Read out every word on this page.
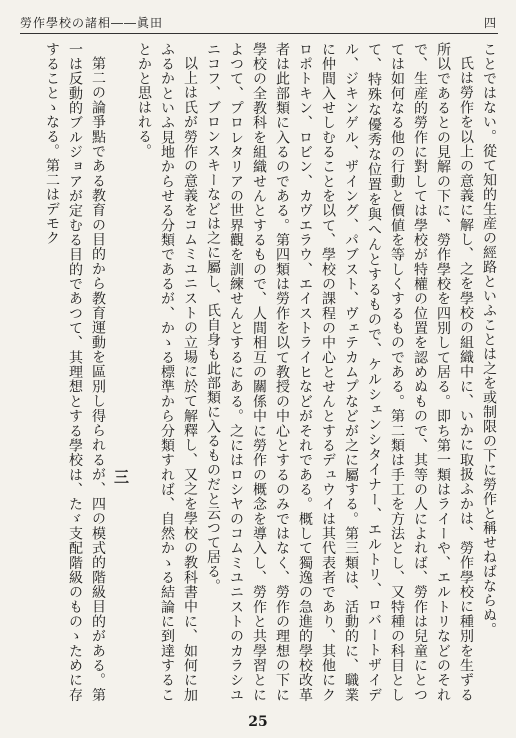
勞作學校の諸相――眞田	四

ことではない。從て知的生産の經路といふことは之を或制限の下に勞作と稱せねばならぬ。

氏は勞作を以上の意義に解し、之を學校の組織中に、いかに取扱ふかは、勞作學校に種別を生ずる所以であるとの見解の下に、勞作學校を四別して居る。即ち第一類はライーや、エルトリなどのそれで、生産的勞作に對しては學校が特權の位置を認めぬもので、其等の人によれば、勞作は兒童にとつては如何なる他の行動と價値を等しくするものである。第二類は手工を方法とし、又特種の科目として、特殊な優秀な位置を與へんとするもので、ケルシェンシタイナー、エルトリ、ロバートザイデル、ジキンゲル、ザイング、パブスト、ヴェテカムプなどが之に屬する。第三類は、活動的に、職業に仲間入せしむることを以て、學校の課程の中心とせんとするデュウイは其代表者であり、其他にクロポトキン、ロビン、カヴエラウ、エイストライヒなどがそれである。概して獨逸の急進的學校改革者は此部類に入るのである。第四類は勞作を以て教授の中心とするのみではなく、勞作の理想の下に學校の全教科を組織せんとするもので、人間相互の關係中に勞作の概念を導入し、勞作と共學習とによつて、プロレタリアの世界觀を訓練せんとするにある。之にはロシヤのコムミユニストのカラシユニコフ、ブロンスキーなどは之に屬し、氏自身も此部類に入るものだと云つて居る。

以上は氏が勞作の意義をコムミユニストの立場に於て解釋し、又之を學校の教科書中に、如何に加ふるかといふ見地からせる分類であるが、かゝる標準から分類すれば、自然かゝる結論に到達することかと思はれる。

三

第二の論爭點である教育の目的から教育運動を區別し得られるが、四の模式的階級目的がある。第一は反動的ブルジョアが定むる目的であつて、其理想とする學校は、たゞ支配階級のものゝために存することゝなる。第二はデモク

25
